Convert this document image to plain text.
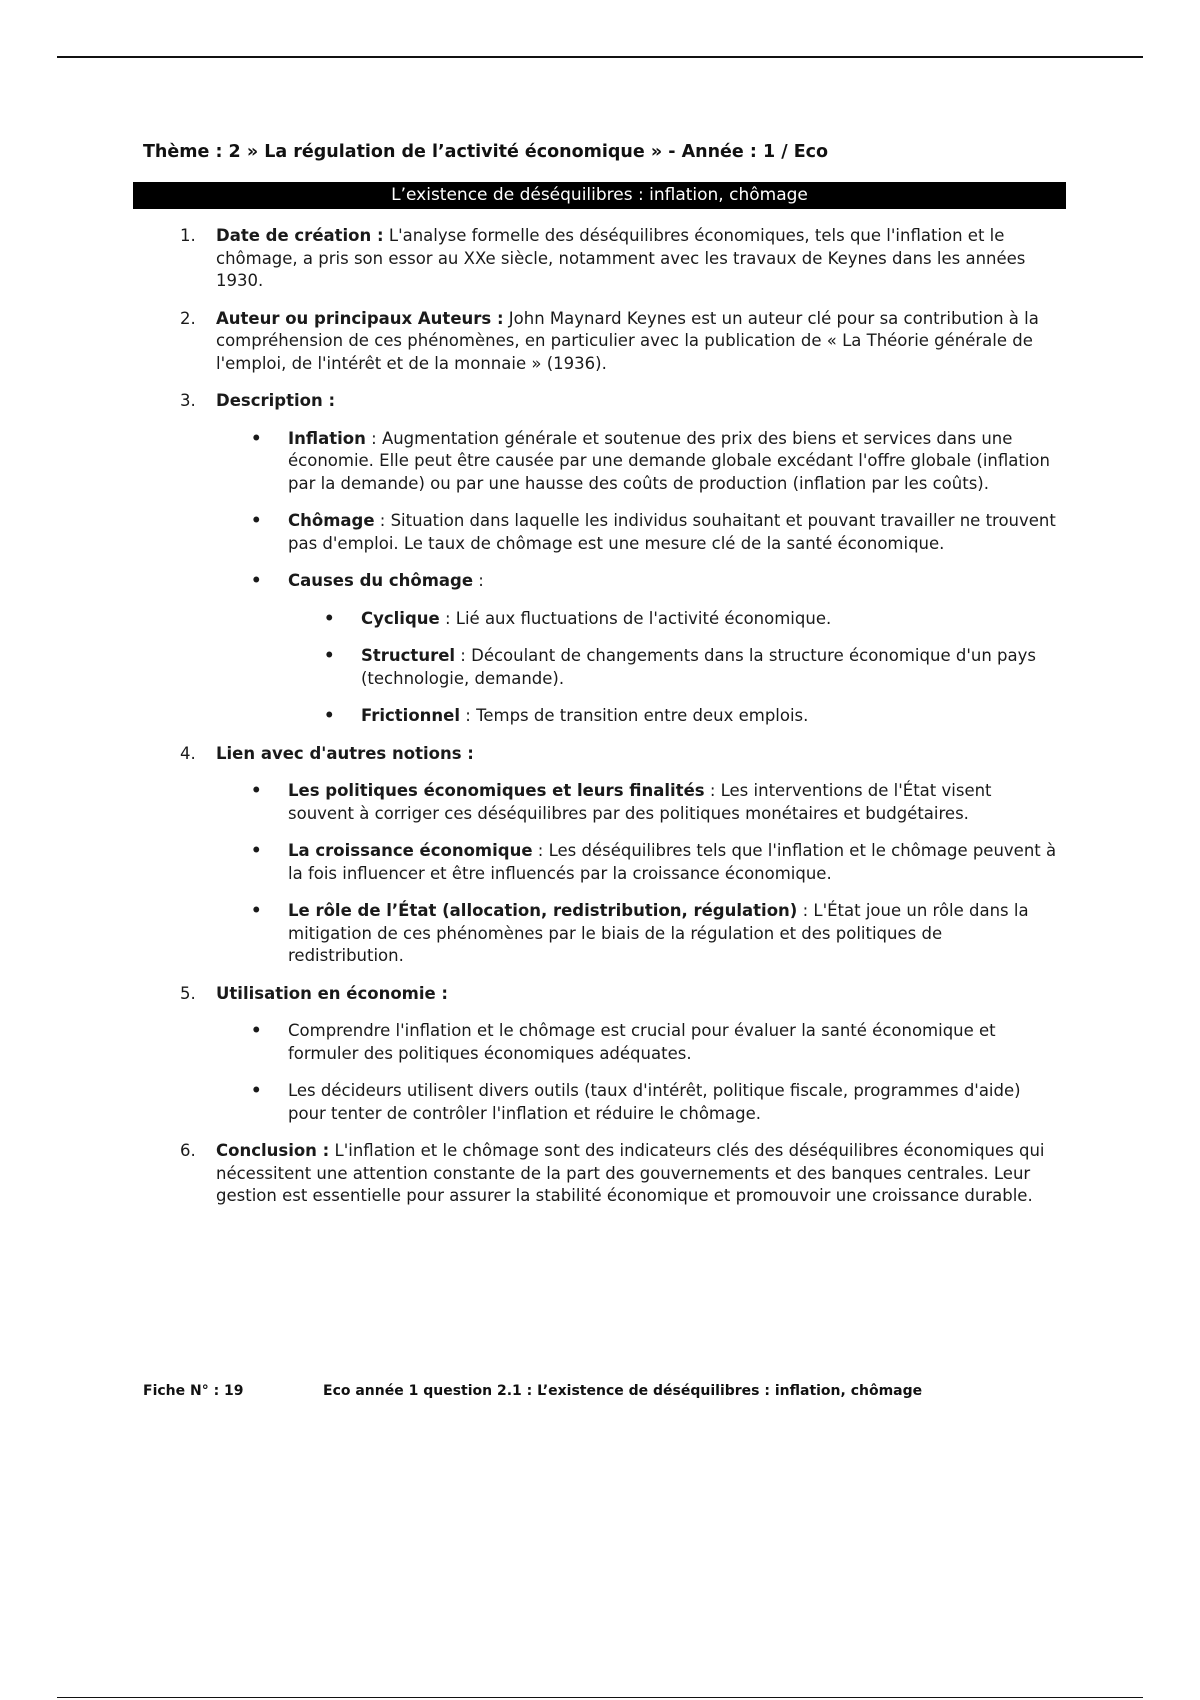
Thème : 2 » La régulation de l’activité économique » - Année : 1 / Eco
L’existence de déséquilibres : inflation, chômage
1. Date de création : L'analyse formelle des déséquilibres économiques, tels que l'inflation et le chômage, a pris son essor au XXe siècle, notamment avec les travaux de Keynes dans les années 1930.
2. Auteur ou principaux Auteurs : John Maynard Keynes est un auteur clé pour sa contribution à la compréhension de ces phénomènes, en particulier avec la publication de « La Théorie générale de l'emploi, de l'intérêt et de la monnaie » (1936).
3. Description :
• Inflation : Augmentation générale et soutenue des prix des biens et services dans une économie. Elle peut être causée par une demande globale excédant l'offre globale (inflation par la demande) ou par une hausse des coûts de production (inflation par les coûts).
• Chômage : Situation dans laquelle les individus souhaitant et pouvant travailler ne trouvent pas d'emploi. Le taux de chômage est une mesure clé de la santé économique.
• Causes du chômage :
• Cyclique : Lié aux fluctuations de l'activité économique.
• Structurel : Découlant de changements dans la structure économique d'un pays (technologie, demande).
• Frictionnel : Temps de transition entre deux emplois.
4. Lien avec d'autres notions :
• Les politiques économiques et leurs finalités : Les interventions de l'État visent souvent à corriger ces déséquilibres par des politiques monétaires et budgétaires.
• La croissance économique : Les déséquilibres tels que l'inflation et le chômage peuvent à la fois influencer et être influencés par la croissance économique.
• Le rôle de l’État (allocation, redistribution, régulation) : L'État joue un rôle dans la mitigation de ces phénomènes par le biais de la régulation et des politiques de redistribution.
5. Utilisation en économie :
• Comprendre l'inflation et le chômage est crucial pour évaluer la santé économique et formuler des politiques économiques adéquates.
• Les décideurs utilisent divers outils (taux d'intérêt, politique fiscale, programmes d'aide) pour tenter de contrôler l'inflation et réduire le chômage.
6. Conclusion : L'inflation et le chômage sont des indicateurs clés des déséquilibres économiques qui nécessitent une attention constante de la part des gouvernements et des banques centrales. Leur gestion est essentielle pour assurer la stabilité économique et promouvoir une croissance durable.
Fiche N° : 19	Eco année 1 question 2.1 : L’existence de déséquilibres : inflation, chômage
